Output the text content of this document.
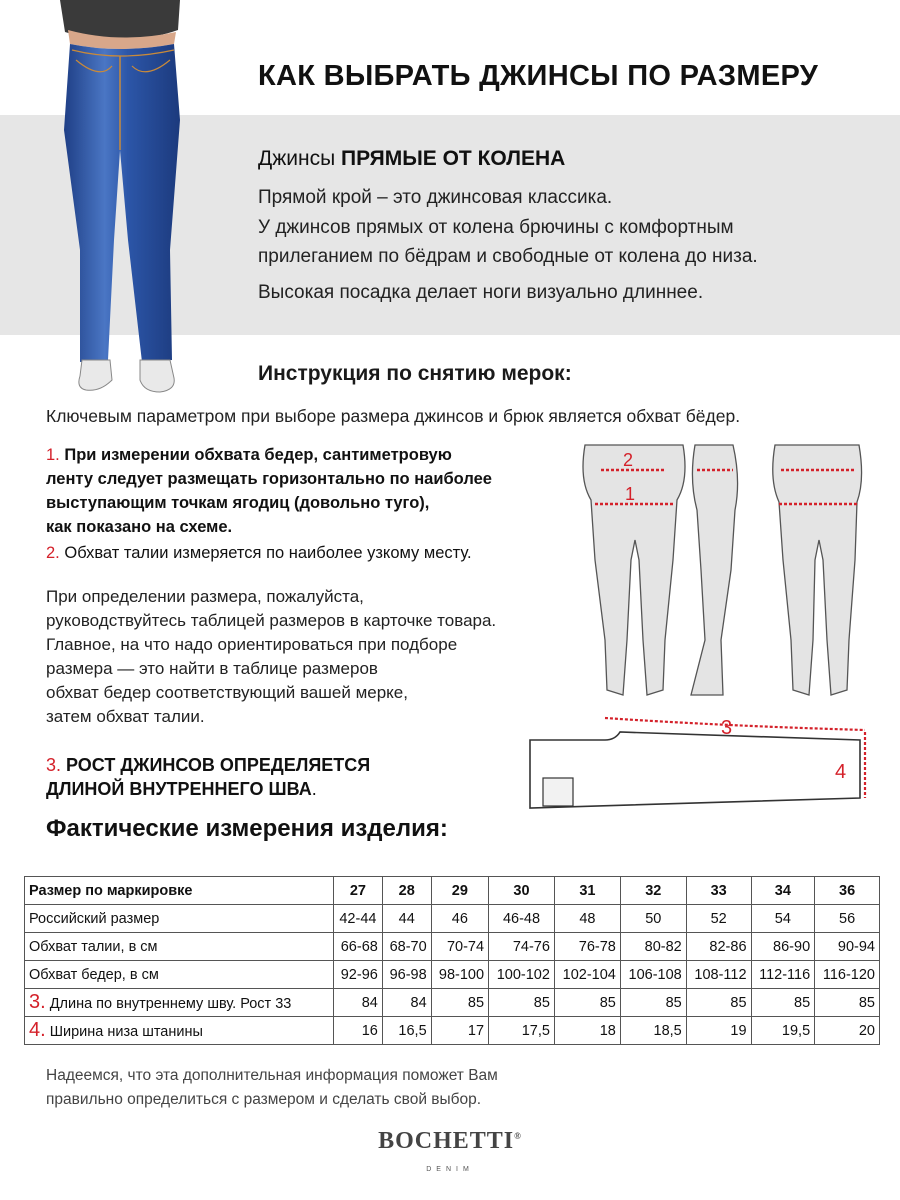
КАК ВЫБРАТЬ ДЖИНСЫ ПО РАЗМЕРУ
Джинсы ПРЯМЫЕ ОТ КОЛЕНА
Прямой крой – это джинсовая классика.
У джинсов прямых от колена брючины с комфортным
прилеганием по бёдрам и свободные от колена до низа.
Высокая посадка делает ноги визуально длиннее.
Инструкция по снятию мерок:
Ключевым параметром при выборе размера джинсов и брюк является обхват бёдер.
1. При измерении обхвата бедер, сантиметровую
ленту следует размещать горизонтально по наиболее
выступающим точкам ягодиц (довольно туго),
как показано на схеме.
2. Обхват талии измеряется по наиболее узкому месту.
При определении размера, пожалуйста,
руководствуйтесь таблицей размеров в карточке товара.
Главное, на что надо ориентироваться при подборе
размера — это найти в таблице размеров
обхват бедер соответствующий вашей мерке,
затем обхват талии.
3. РОСТ ДЖИНСОВ ОПРЕДЕЛЯЕТСЯ
ДЛИНОЙ ВНУТРЕННЕГО ШВА.
2
1
3
4
Фактические измерения изделия:
Размер по маркировке	27	28	29	30	31	32	33	34	36
Российский размер	42-44	44	46	46-48	48	50	52	54	56
Обхват талии, в см	66-68	68-70	70-74	74-76	76-78	80-82	82-86	86-90	90-94
Обхват бедер, в см	92-96	96-98	98-100	100-102	102-104	106-108	108-112	112-116	116-120
3. Длина по внутреннему шву. Рост 33	84	84	85	85	85	85	85	85	85
4. Ширина низа штанины	16	16,5	17	17,5	18	18,5	19	19,5	20
Надеемся, что эта дополнительная информация поможет Вам
правильно определиться с размером и сделать свой выбор.
BOCHETTI®
DENIM
